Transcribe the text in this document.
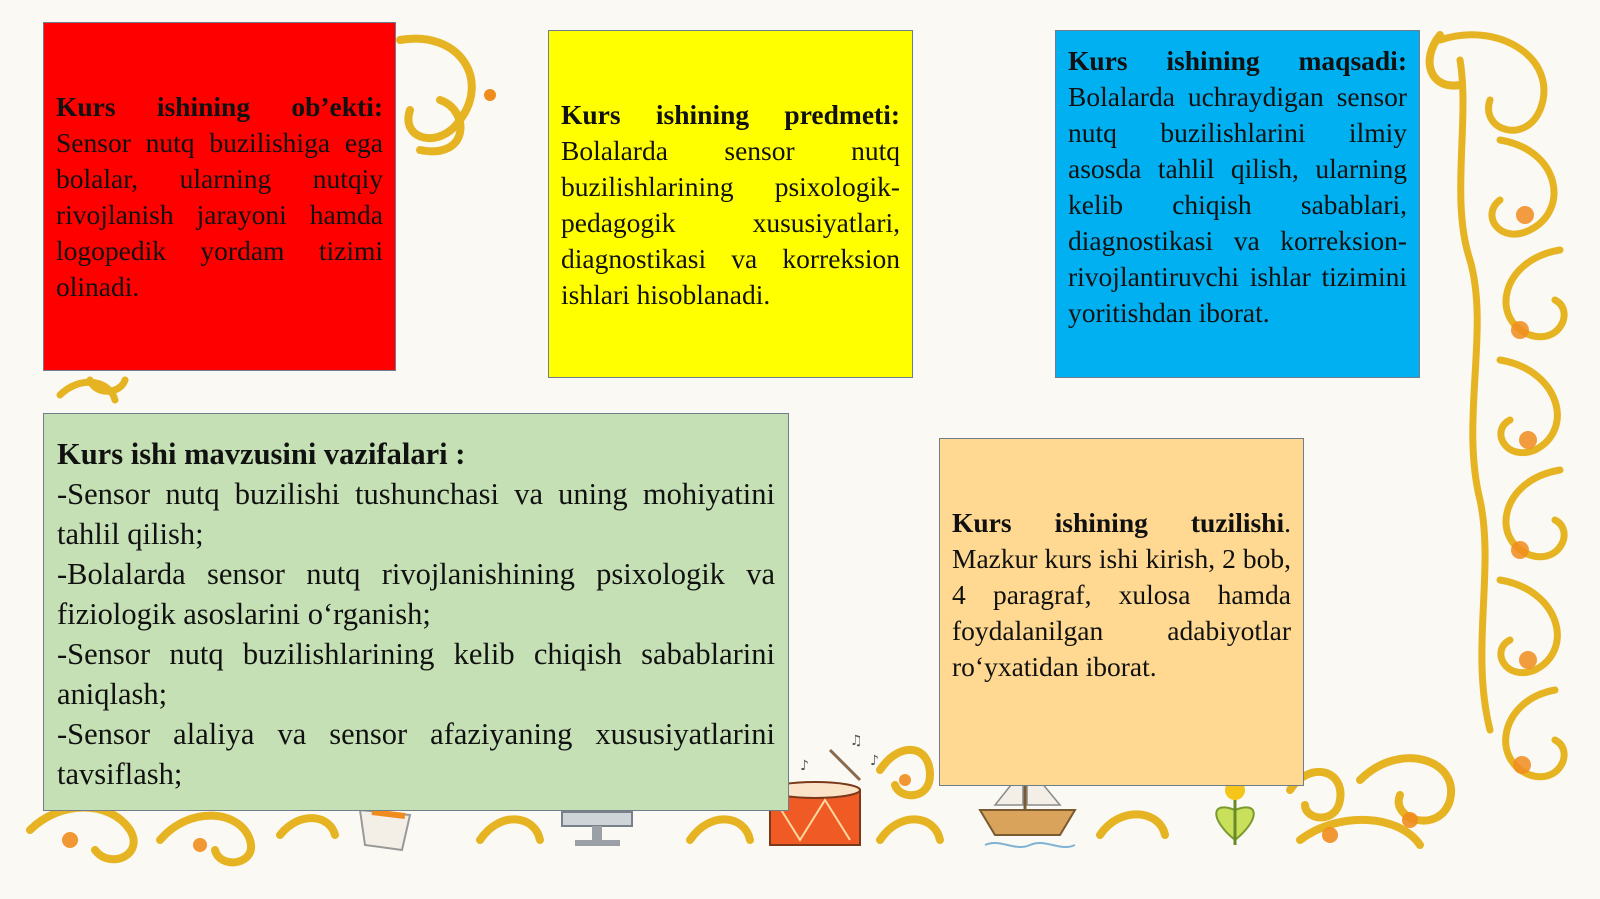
♪
♫
♪
Kurs ishining ob’ekti: Sensor nutq buzilishiga ega bolalar, ularning nutqiy rivojlanish jarayoni hamda logopedik yordam tizimi olinadi.
Kurs ishining predmeti: Bolalarda sensor nutq buzilishlarining psixologik-pedagogik xususiyatlari, diagnostikasi va korreksion ishlari hisoblanadi.
Kurs ishining maqsadi: Bolalarda uchraydigan sensor nutq buzilishlarini ilmiy asosda tahlil qilish, ularning kelib chiqish sabablari, diagnostikasi va korreksion-rivojlantiruvchi ishlar tizimini yoritishdan iborat.
Kurs ishi mavzusini vazifalari :
-Sensor nutq buzilishi tushunchasi va uning mohiyatini tahlil qilish;
-Bolalarda sensor nutq rivojlanishining psixologik va fiziologik asoslarini o‘rganish;
-Sensor nutq buzilishlarining kelib chiqish sabablarini aniqlash;
-Sensor alaliya va sensor afaziyaning xususiyatlarini tavsiflash;
Kurs ishining tuzilishi. Mazkur kurs ishi kirish, 2 bob, 4 paragraf, xulosa hamda foydalanilgan adabiyotlar ro‘yxatidan iborat.
